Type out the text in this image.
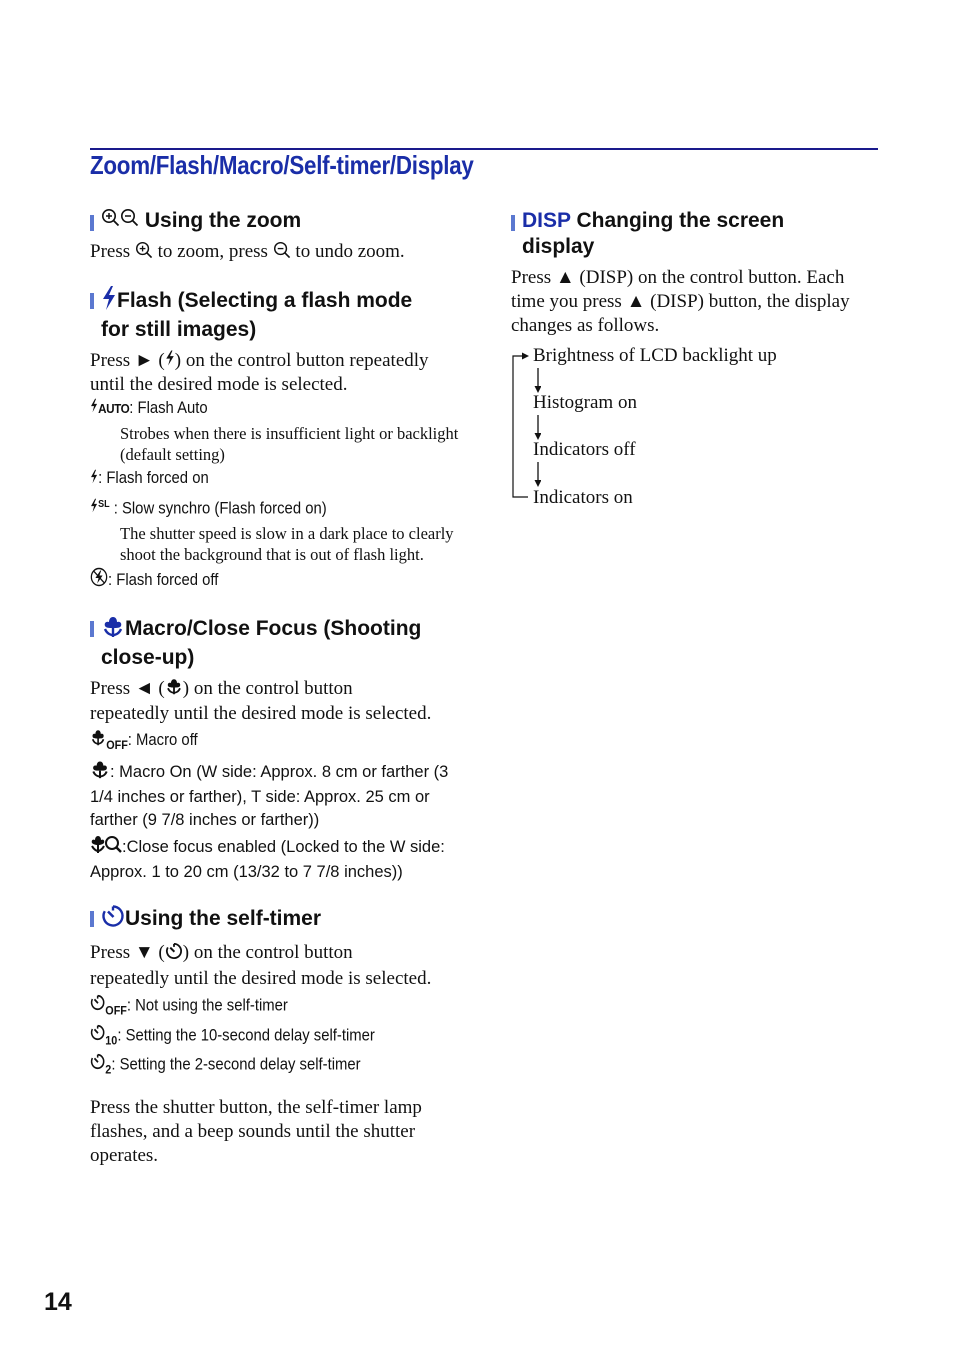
Zoom/Flash/Macro/Self-timer/Display
Using the zoom

Press to zoom, press to undo zoom.

Flash (Selecting a flash mode
for still images)

Press ► ( ) on the control button repeatedly
until the desired mode is selected.

AUTO: Flash Auto

Strobes when there is insufficient light or backlight (default setting)

: Flash forced on
$^{SL}$ : Slow synchro (Flash forced on)

The shutter speed is slow in a dark place to clearly shoot the background that is out of flash light.

: Flash forced off
Macro/Close Focus (Shooting
close-up)

Press ◄ ( ) on the control button
repeatedly until the desired mode is selected.

$_{OFF}$: Macro off
: Macro On (W side: Approx. 8 cm or farther (3 1/4 inches or farther), T side: Approx. 25 cm or farther (9 7/8 inches or farther))
:Close focus enabled (Locked to the W side: Approx. 1 to 20 cm (13/32 to 7 7/8 inches))
Using the self-timer

Press ▼ ( ) on the control button
repeatedly until the desired mode is selected.

$_{OFF}$: Not using the self-timer
$_{10}$: Setting the 10-second delay self-timer
$_2$: Setting the 2-second delay self-timer

Press the shutter button, the self-timer lamp flashes, and a beep sounds until the shutter operates.

DISP Changing the screen
display

Press ▲ (DISP) on the control button. Each time you press ▲ (DISP) button, the display changes as follows.

Brightness of LCD backlight up
Histogram on
Indicators off
Indicators on
14
